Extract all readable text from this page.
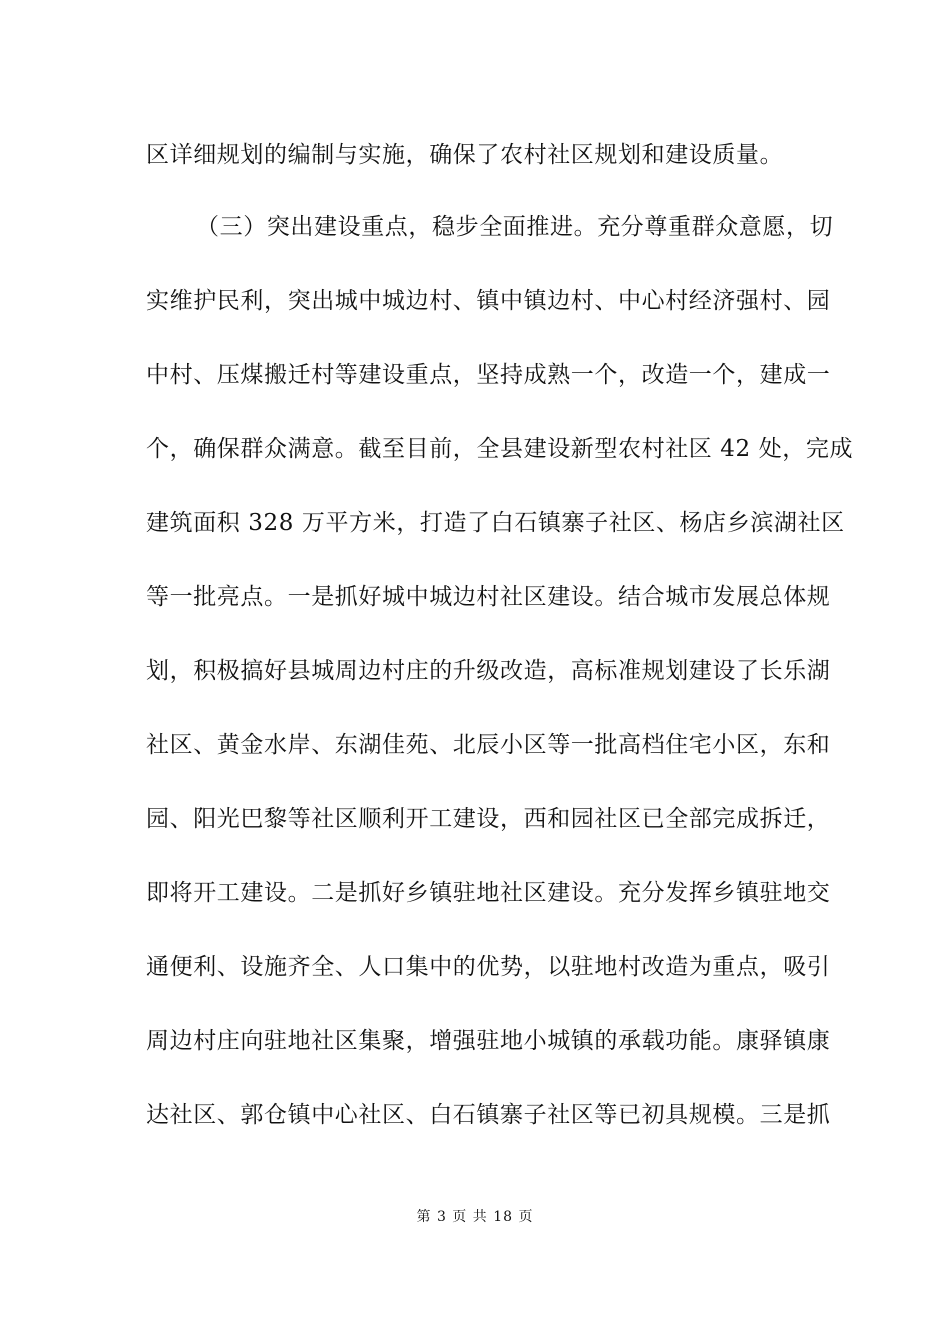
区详细规划的编制与实施，确保了农村社区规划和建设质量。
（三）突出建设重点，稳步全面推进。充分尊重群众意愿，切
实维护民利，突出城中城边村、镇中镇边村、中心村经济强村、园
中村、压煤搬迁村等建设重点，坚持成熟一个，改造一个，建成一
个，确保群众满意。截至目前，全县建设新型农村社区 42 处，完成
建筑面积 328 万平方米，打造了白石镇寨子社区、杨店乡滨湖社区
等一批亮点。一是抓好城中城边村社区建设。结合城市发展总体规
划，积极搞好县城周边村庄的升级改造，高标准规划建设了长乐湖
社区、黄金水岸、东湖佳苑、北辰小区等一批高档住宅小区，东和
园、阳光巴黎等社区顺利开工建设，西和园社区已全部完成拆迁，
即将开工建设。二是抓好乡镇驻地社区建设。充分发挥乡镇驻地交
通便利、设施齐全、人口集中的优势，以驻地村改造为重点，吸引
周边村庄向驻地社区集聚，增强驻地小城镇的承载功能。康驿镇康
达社区、郭仓镇中心社区、白石镇寨子社区等已初具规模。三是抓
第 3 页 共 18 页
